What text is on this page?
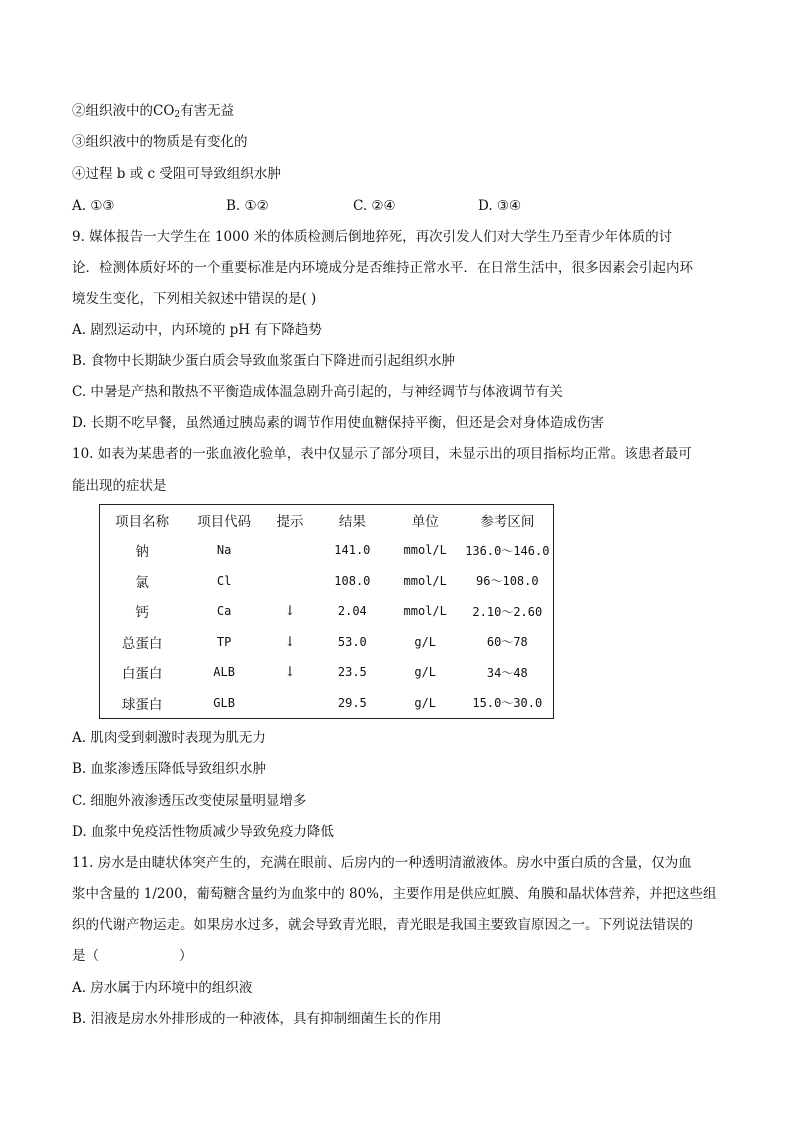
②组织液中的$CO_2$有害无益
③组织液中的物质是有变化的
④过程 b 或 c 受阻可导致组织水肿
A. ①③	B. ①②	C. ②④	D. ③④
9. 媒体报告一大学生在 1000 米的体质检测后倒地猝死，再次引发人们对大学生乃至青少年体质的讨
论．检测体质好坏的一个重要标准是内环境成分是否维持正常水平．在日常生活中，很多因素会引起内环
境发生变化，下列相关叙述中错误的是( )
A. 剧烈运动中，内环境的 pH 有下降趋势
B. 食物中长期缺少蛋白质会导致血浆蛋白下降进而引起组织水肿
C. 中暑是产热和散热不平衡造成体温急剧升高引起的，与神经调节与体液调节有关
D. 长期不吃早餐，虽然通过胰岛素的调节作用使血糖保持平衡，但还是会对身体造成伤害
10. 如表为某患者的一张血液化验单，表中仅显示了部分项目，未显示出的项目指标均正常。该患者最可
能出现的症状是
项目名称	项目代码	提示	结果	单位	参考区间
钠	Na		141.0	mmol/L	136.0～146.0
氯	Cl		108.0	mmol/L	96～108.0
钙	Ca	↓	2.04	mmol/L	2.10～2.60
总蛋白	TP	↓	53.0	g/L	60～78
白蛋白	ALB	↓	23.5	g/L	34～48
球蛋白	GLB		29.5	g/L	15.0～30.0
A. 肌肉受到刺激时表现为肌无力
B. 血浆渗透压降低导致组织水肿
C. 细胞外液渗透压改变使尿量明显增多
D. 血浆中免疫活性物质减少导致免疫力降低
11. 房水是由睫状体突产生的，充满在眼前、后房内的一种透明清澈液体。房水中蛋白质的含量，仅为血
浆中含量的 1/200，葡萄糖含量约为血浆中的 80%，主要作用是供应虹膜、角膜和晶状体营养，并把这些组
织的代谢产物运走。如果房水过多，就会导致青光眼，青光眼是我国主要致盲原因之一。下列说法错误的
是（	）
A. 房水属于内环境中的组织液
B. 泪液是房水外排形成的一种液体，具有抑制细菌生长的作用
